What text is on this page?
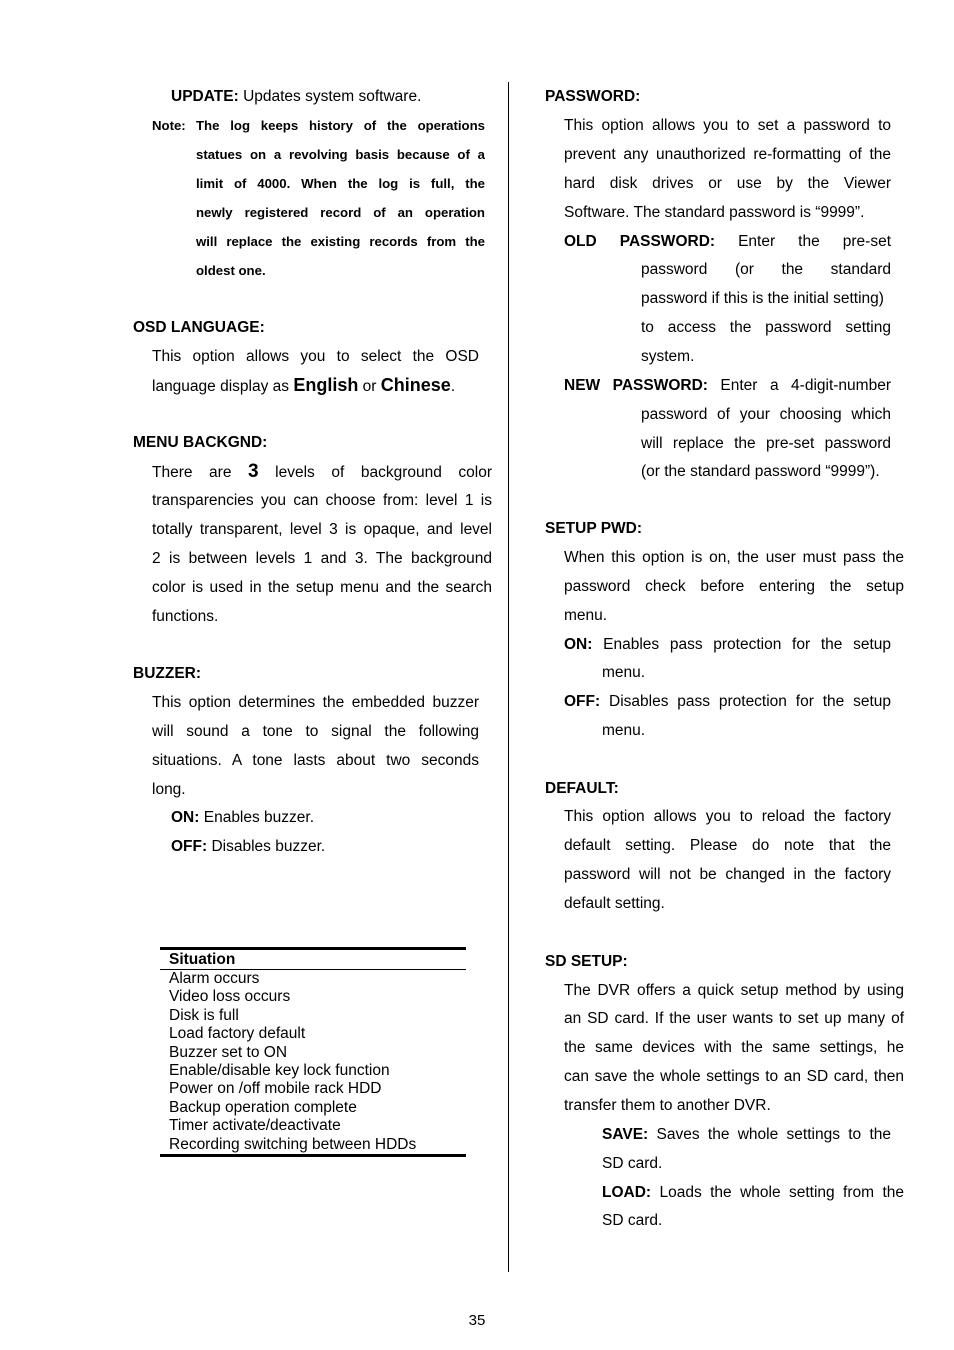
UPDATE: Updates system software.
Note: The log keeps history of the operations
statues on a revolving basis because of a
limit of 4000. When the log is full, the
newly registered record of an operation
will replace the existing records from the
oldest one.
OSD LANGUAGE:
This option allows you to select the OSD
language display as English or Chinese.
MENU BACKGND:
There are 3 levels of background color
transparencies you can choose from: level 1 is
totally transparent, level 3 is opaque, and level
2 is between levels 1 and 3. The background
color is used in the setup menu and the search
functions.
BUZZER:
This option determines the embedded buzzer
will sound a tone to signal the following
situations. A tone lasts about two seconds
long.
ON: Enables buzzer.
OFF: Disables buzzer.
Situation
Alarm occurs
Video loss occurs
Disk is full
Load factory default
Buzzer set to ON
Enable/disable key lock function
Power on /off mobile rack HDD
Backup operation complete
Timer activate/deactivate
Recording switching between HDDs
PASSWORD:
This option allows you to set a password to
prevent any unauthorized re-formatting of the
hard disk drives or use by the Viewer
Software. The standard password is “9999”.
OLD PASSWORD: Enter the pre-set
password (or the standard
password if this is the initial setting)
to access the password setting
system.
NEW PASSWORD: Enter a 4-digit-number
password of your choosing which
will replace the pre-set password
(or the standard password “9999”).
SETUP PWD:
When this option is on, the user must pass the
password check before entering the setup
menu.
ON: Enables pass protection for the setup
menu.
OFF: Disables pass protection for the setup
menu.
DEFAULT:
This option allows you to reload the factory
default setting. Please do note that the
password will not be changed in the factory
default setting.
SD SETUP:
The DVR offers a quick setup method by using
an SD card. If the user wants to set up many of
the same devices with the same settings, he
can save the whole settings to an SD card, then
transfer them to another DVR.
SAVE: Saves the whole settings to the
SD card.
LOAD: Loads the whole setting from the
SD card.
35
